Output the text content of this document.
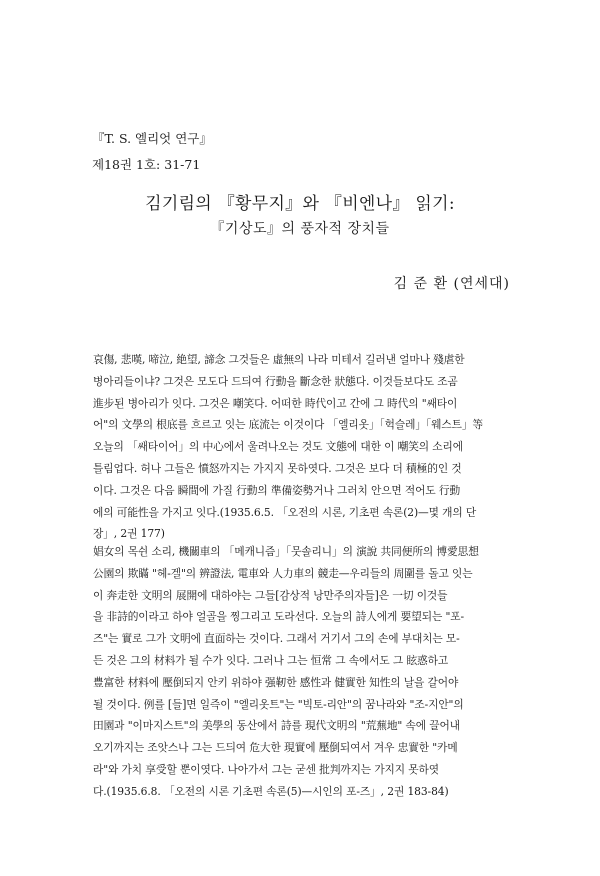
『T. S. 엘리엇 연구』
제18권 1호: 31-71
김기림의 『황무지』와 『비엔나』 읽기:
『기상도』의 풍자적 장치들
김 준 환 (연세대)
哀傷, 悲嘆, 啼泣, 絶望, 諦念 그것들은 虛無의 나라 미테서 길러낸 얼마나 殘虐한
병아리들이냐? 그것은 모도다 드듸여 行動을 斷念한 狀態다. 이것들보다도 조곰
進步된 병아리가 잇다. 그것은 嘲笑다. 어떠한 時代이고 간에 그 時代의 "쌔타이
어"의 文學의 根底를 흐르고 잇는 底流는 이것이다 「엘리옷」「헉슬레」「웨스트」等
오늘의 「쌔타이어」의 中心에서 울려나오는 것도 文態에 대한 이 嘲笑의 소리에
틀림업다. 허나 그들은 憤怒까지는 가지지 못하엿다. 그것은 보다 더 積極的인 것
이다. 그것은 다음 瞬間에 가질 行動의 準備姿勢거나 그러치 안으면 적어도 行動
에의 可能性을 가지고 잇다.(1935.6.5. 「오전의 시론, 기초편 속론(2)—몇 개의 단
장」, 2권 177)
娼女의 목쉰 소리, 機關車의 「메캐니즘」「뭇솔리니」의 演說 共同便所의 博愛思想
公園의 欺瞞 "헤-겔"의 辨證法, 電車와 人力車의 競走—우리들의 周圍를 돌고 잇는
이 奔走한 文明의 展開에 대하야는 그들[감상적 낭만주의자들]은 一切 이것들
을 非詩的이라고 하야 얼골을 찡그리고 도라선다. 오늘의 詩人에게 要望되는 "포-
즈"는 實로 그가 文明에 直面하는 것이다. 그래서 거기서 그의 손에 부대치는 모-
든 것은 그의 材料가 될 수가 잇다. 그러나 그는 恒常 그 속에서도 그 眩惑하고
豊富한 材料에 壓倒되지 안키 위하야 强靭한 感性과 健實한 知性의 날을 갈어야
될 것이다. 例를 [들]면 일즉이 "엘리옷트"는 "빅토-리안"의 꿈나라와 "조-지안"의
田園과 "이마지스트"의 美學의 동산에서 詩를 現代文明의 "荒蕪地" 속에 끌어내
오기까지는 조앗스나 그는 드듸여 危大한 現實에 壓倒되여서 겨우 忠實한 "카메
라"와 가치 享受할 뿐이엿다. 나아가서 그는 굳센 批判까지는 가지지 못하엿
다.(1935.6.8. 「오전의 시론 기초편 속론(5)—시인의 포-즈」, 2권 183-84)
